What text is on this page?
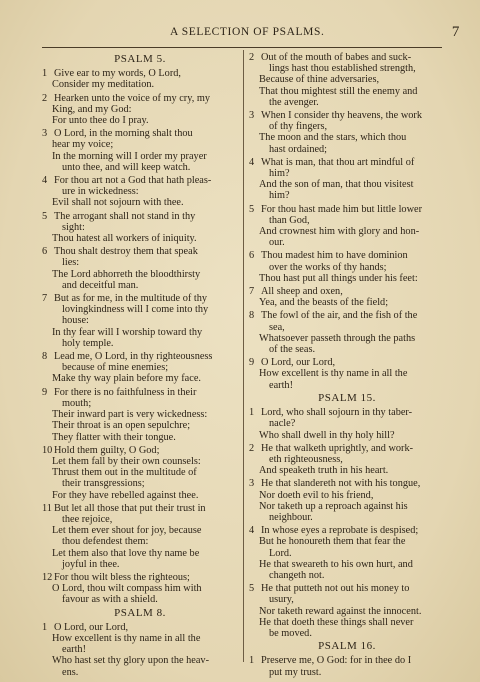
A SELECTION OF PSALMS.	7
PSALM 5.
1 Give ear to my words, O Lord,
Consider my meditation.
2 Hearken unto the voice of my cry, my
King, and my God:
For unto thee do I pray.
3 O Lord, in the morning shalt thou
hear my voice;
In the morning will I order my prayer
unto thee, and will keep watch.
4 For thou art not a God that hath pleas-
ure in wickedness:
Evil shall not sojourn with thee.
5 The arrogant shall not stand in thy
sight:
Thou hatest all workers of iniquity.
6 Thou shalt destroy them that speak
lies:
The Lord abhorreth the bloodthirsty
and deceitful man.
7 But as for me, in the multitude of thy
lovingkindness will I come into thy
house:
In thy fear will I worship toward thy
holy temple.
8 Lead me, O Lord, in thy righteousness
because of mine enemies;
Make thy way plain before my face.
9 For there is no faithfulness in their
mouth;
Their inward part is very wickedness:
Their throat is an open sepulchre;
They flatter with their tongue.
10 Hold them guilty, O God;
Let them fall by their own counsels:
Thrust them out in the multitude of
their transgressions;
For they have rebelled against thee.
11 But let all those that put their trust in
thee rejoice,
Let them ever shout for joy, because
thou defendest them:
Let them also that love thy name be
joyful in thee.
12 For thou wilt bless the righteous;
O Lord, thou wilt compass him with
favour as with a shield.
PSALM 8.
1 O Lord, our Lord,
How excellent is thy name in all the
earth!
Who hast set thy glory upon the heav-
ens.
2 Out of the mouth of babes and suck-
lings hast thou established strength,
Because of thine adversaries,
That thou mightest still the enemy and
the avenger.
3 When I consider thy heavens, the work
of thy fingers,
The moon and the stars, which thou
hast ordained;
4 What is man, that thou art mindful of
him?
And the son of man, that thou visitest
him?
5 For thou hast made him but little lower
than God,
And crownest him with glory and hon-
our.
6 Thou madest him to have dominion
over the works of thy hands;
Thou hast put all things under his feet:
7 All sheep and oxen,
Yea, and the beasts of the field;
8 The fowl of the air, and the fish of the
sea,
Whatsoever passeth through the paths
of the seas.
9 O Lord, our Lord,
How excellent is thy name in all the
earth!
PSALM 15.
1 Lord, who shall sojourn in thy taber-
nacle?
Who shall dwell in thy holy hill?
2 He that walketh uprightly, and work-
eth righteousness,
And speaketh truth in his heart.
3 He that slandereth not with his tongue,
Nor doeth evil to his friend,
Nor taketh up a reproach against his
neighbour.
4 In whose eyes a reprobate is despised;
But he honoureth them that fear the
Lord.
He that sweareth to his own hurt, and
changeth not.
5 He that putteth not out his money to
usury,
Nor taketh reward against the innocent.
He that doeth these things shall never
be moved.
PSALM 16.
1 Preserve me, O God: for in thee do I
put my trust.
